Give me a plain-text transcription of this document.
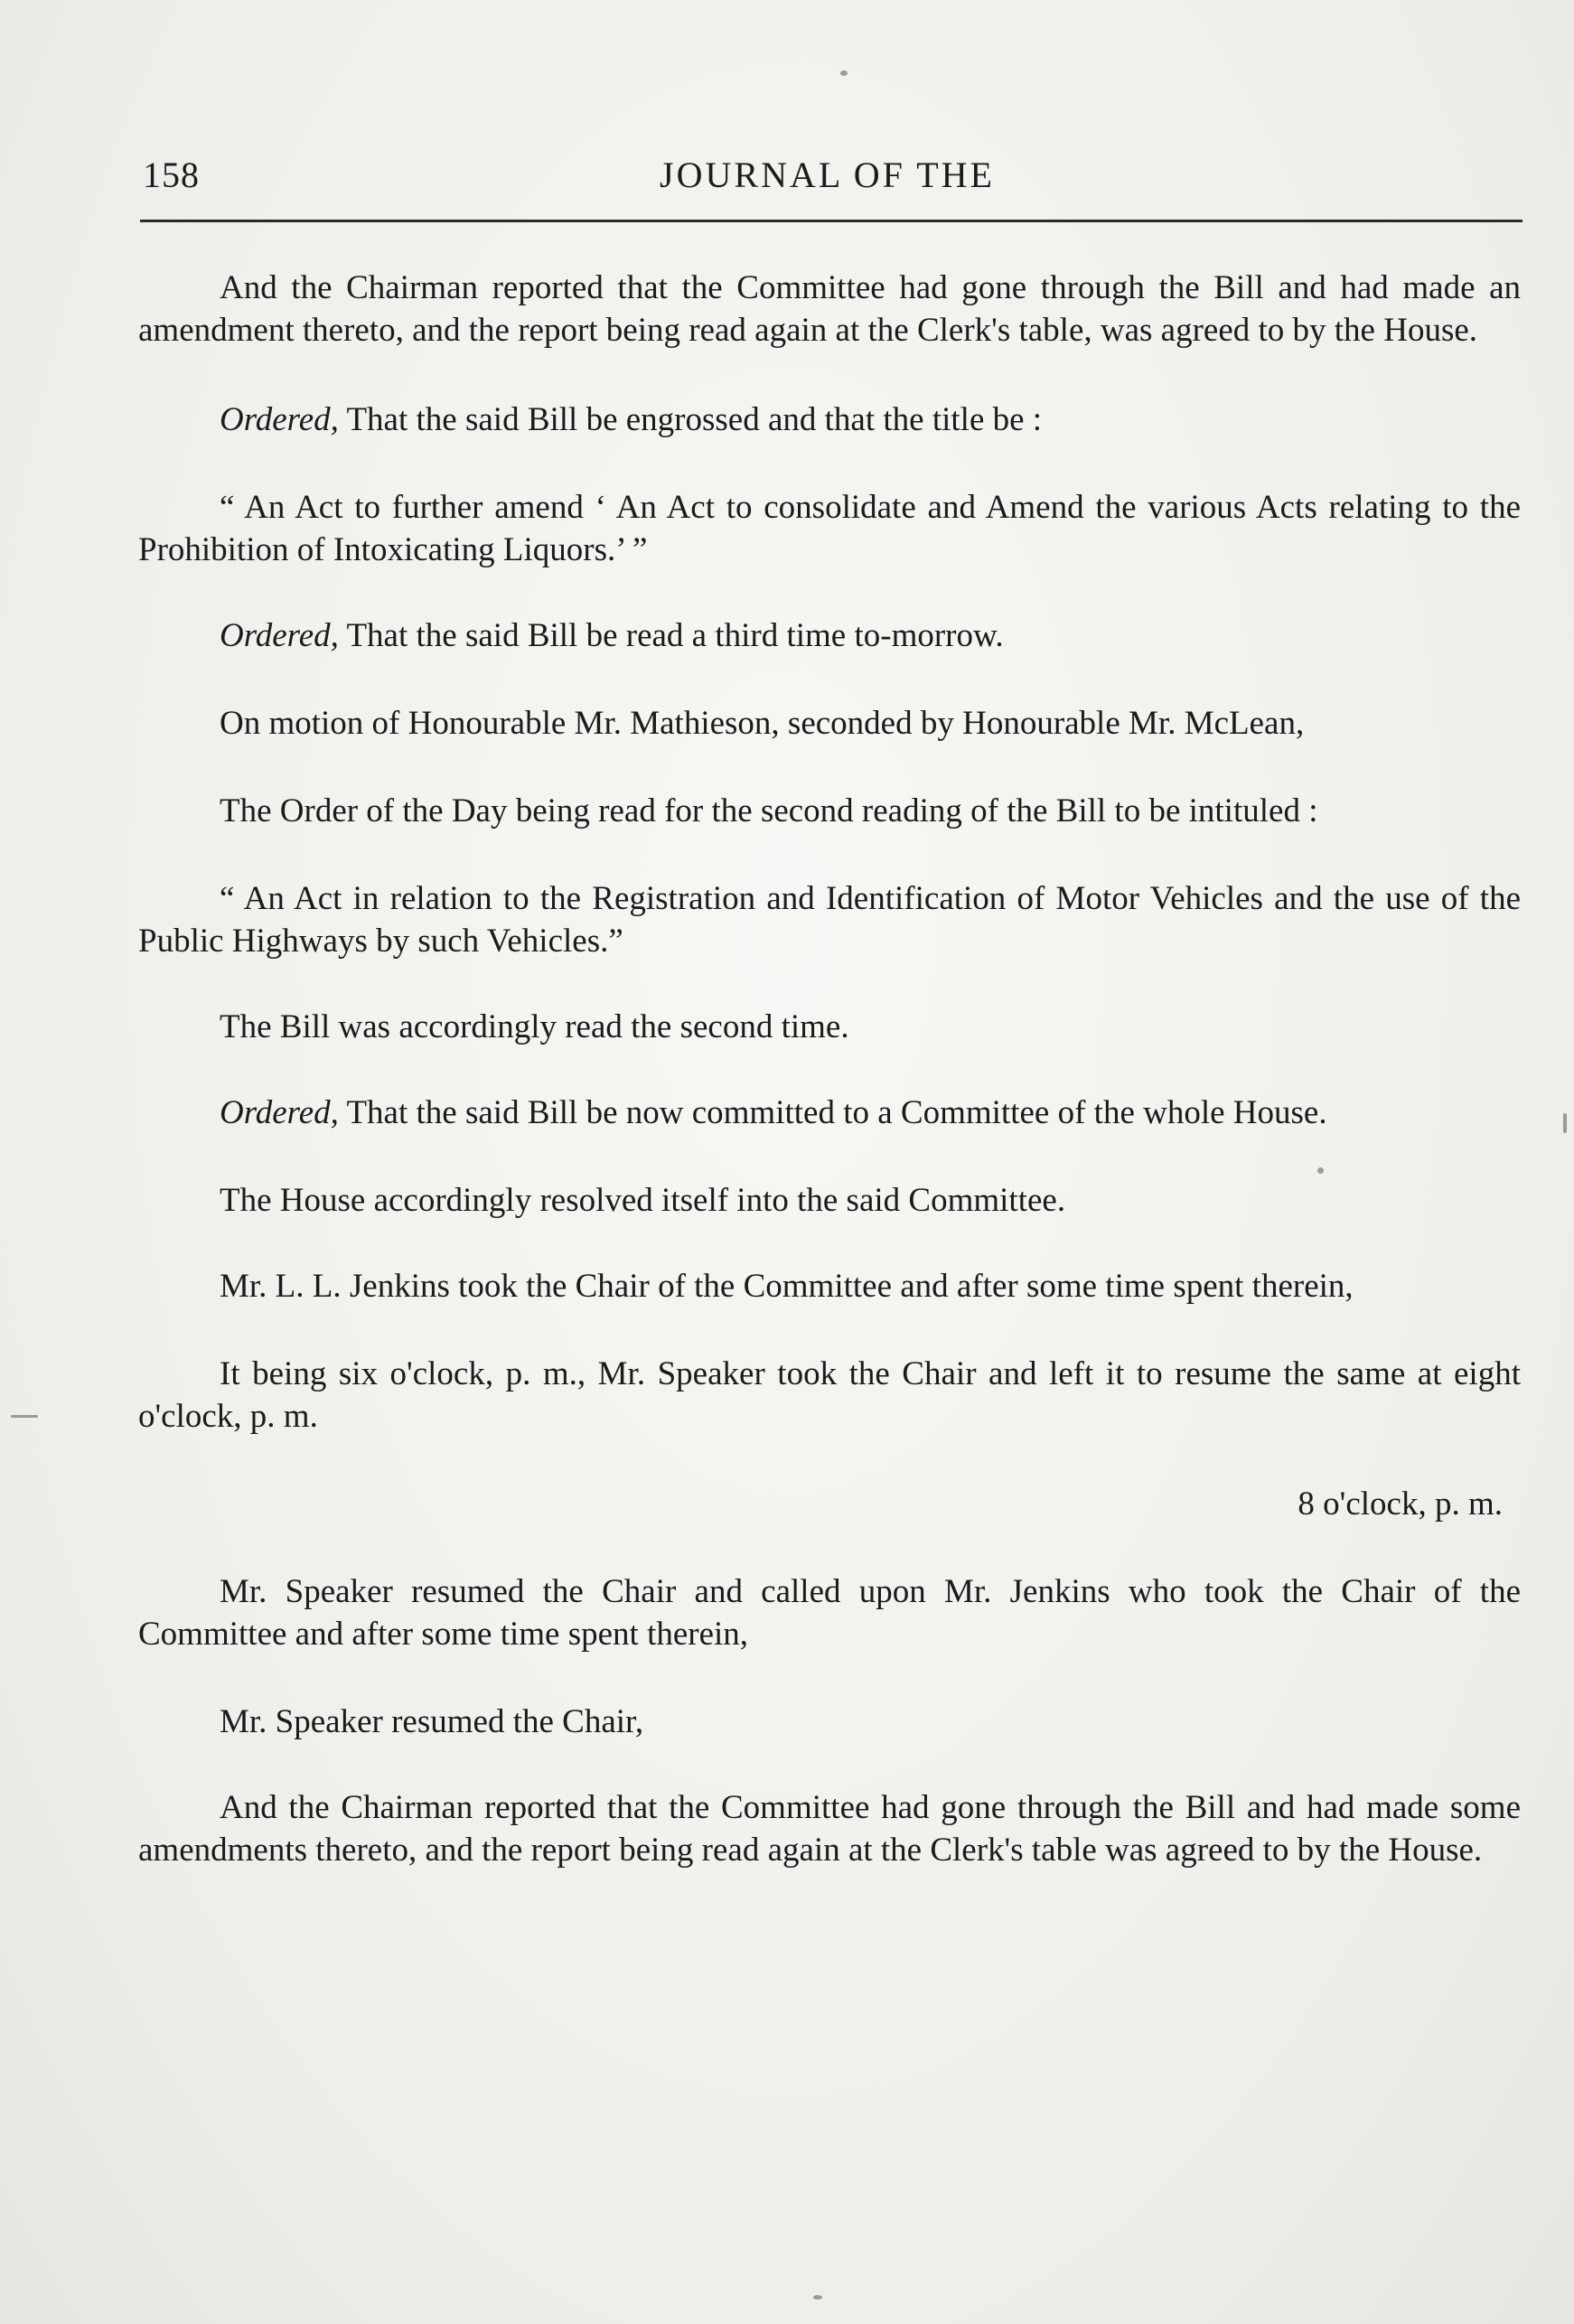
158	JOURNAL OF THE

And the Chairman reported that the Committee had gone through the Bill and had made an amendment thereto, and the report being read again at the Clerk's table, was agreed to by the House.

Ordered, That the said Bill be engrossed and that the title be :

“ An Act to further amend ‘ An Act to consolidate and Amend the various Acts relating to the Prohibition of Intoxicating Liquors.’ ”

Ordered, That the said Bill be read a third time to-morrow.

On motion of Honourable Mr. Mathieson, seconded by Honourable Mr. McLean,

The Order of the Day being read for the second reading of the Bill to be intituled :

“ An Act in relation to the Registration and Identification of Motor Vehicles and the use of the Public Highways by such Vehicles.”

The Bill was accordingly read the second time.

Ordered, That the said Bill be now committed to a Committee of the whole House.

The House accordingly resolved itself into the said Committee.

Mr. L. L. Jenkins took the Chair of the Committee and after some time spent therein,

It being six o'clock, p. m., Mr. Speaker took the Chair and left it to resume the same at eight o'clock, p. m.

8 o'clock, p. m.

Mr. Speaker resumed the Chair and called upon Mr. Jenkins who took the Chair of the Committee and after some time spent therein,

Mr. Speaker resumed the Chair,

And the Chairman reported that the Committee had gone through the Bill and had made some amendments thereto, and the report being read again at the Clerk's table was agreed to by the House.
